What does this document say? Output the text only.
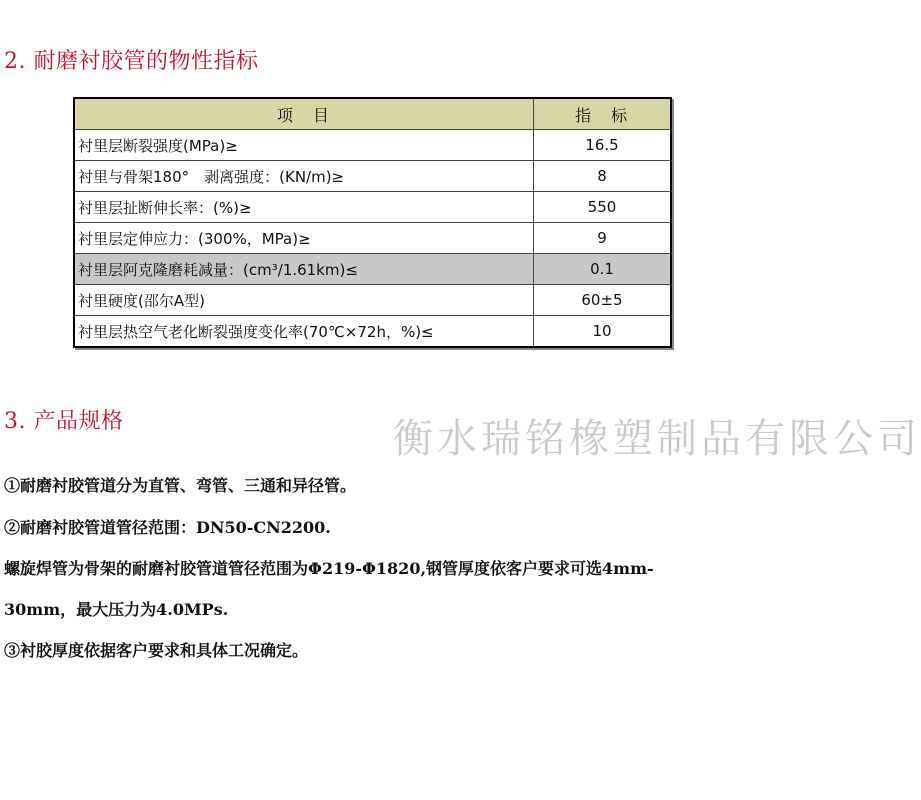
2. 耐磨衬胶管的物性指标
项　目	指　标
衬里层断裂强度(MPa)≥	16.5
衬里与骨架180°　剥离强度：(KN/m)≥	8
衬里层扯断伸长率：(%)≥	550
衬里层定伸应力：(300%，MPa)≥	9
衬里层阿克隆磨耗减量：(cm³/1.61km)≤	0.1
衬里硬度(邵尔A型)	60±5
衬里层热空气老化断裂强度变化率(70℃×72h，%)≤	10
衡水瑞铭橡塑制品有限公司
3. 产品规格
①耐磨衬胶管道分为直管、弯管、三通和异径管。
②耐磨衬胶管道管径范围：DN50-CN2200.
螺旋焊管为骨架的耐磨衬胶管道管径范围为Φ219-Φ1820,钢管厚度依客户要求可选4mm-
30mm，最大压力为4.0MPs.
③衬胶厚度依据客户要求和具体工况确定。
